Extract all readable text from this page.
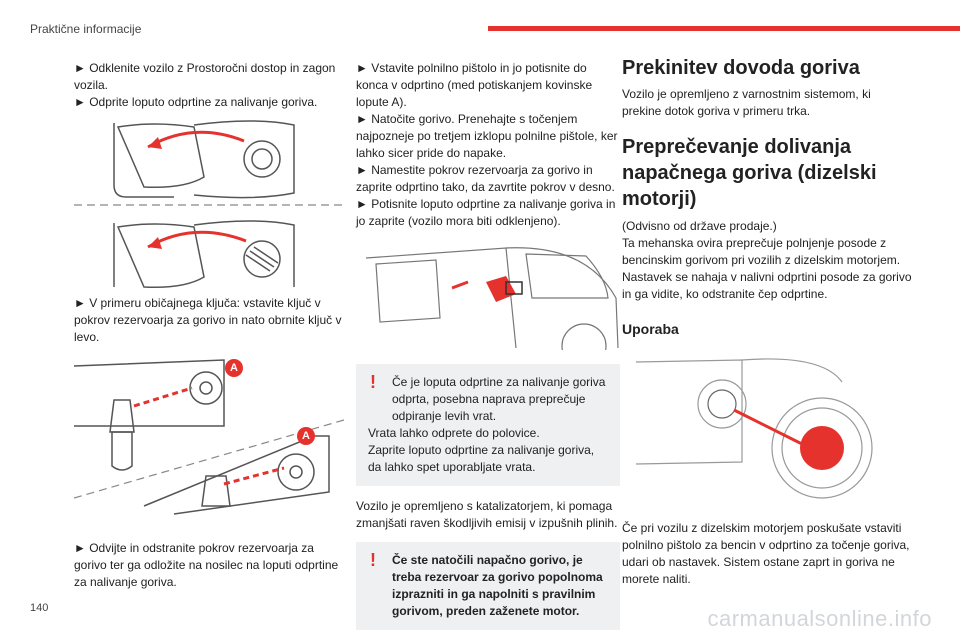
Praktične informacije

► Odklenite vozilo z Prostoročni dostop in zagon vozila.

► Odprite loputo odprtine za nalivanje goriva.

► V primeru običajnega ključa: vstavite ključ v pokrov rezervoarja za gorivo in nato obrnite ključ v levo.

A
A

► Odvijte in odstranite pokrov rezervoarja za gorivo ter ga odložite na nosilec na loputi odprtine za nalivanje goriva.

► Vstavite polnilno pištolo in jo potisnite do konca v odprtino (med potiskanjem kovinske lopute A).

► Natočite gorivo. Prenehajte s točenjem najpozneje po tretjem izklopu polnilne pištole, ker lahko sicer pride do napake.

► Namestite pokrov rezervoarja za gorivo in zaprite odprtino tako, da zavrtite pokrov v desno.

► Potisnite loputo odprtine za nalivanje goriva in jo zaprite (vozilo mora biti odklenjeno).

! Če je loputa odprtine za nalivanje goriva odprta, posebna naprava preprečuje odpiranje levih vrat.

Vrata lahko odprete do polovice.

Zaprite loputo odprtine za nalivanje goriva, da lahko spet uporabljate vrata.

Vozilo je opremljeno s katalizatorjem, ki pomaga zmanjšati raven škodljivih emisij v izpušnih plinih.

! Če ste natočili napačno gorivo, je treba rezervoar za gorivo popolnoma izprazniti in ga napolniti s pravilnim gorivom, preden zaženete motor.

Prekinitev dovoda goriva

Vozilo je opremljeno z varnostnim sistemom, ki prekine dotok goriva v primeru trka.

Preprečevanje dolivanja napačnega goriva (dizelski motorji)

(Odvisno od države prodaje.)

Ta mehanska ovira preprečuje polnjenje posode z bencinskim gorivom pri vozilih z dizelskim motorjem.

Nastavek se nahaja v nalivni odprtini posode za gorivo in ga vidite, ko odstranite čep odprtine.

Uporaba

Če pri vozilu z dizelskim motorjem poskušate vstaviti polnilno pištolo za bencin v odprtino za točenje goriva, udari ob nastavek. Sistem ostane zaprt in goriva ne morete naliti.

140	carmanualsonline.info
